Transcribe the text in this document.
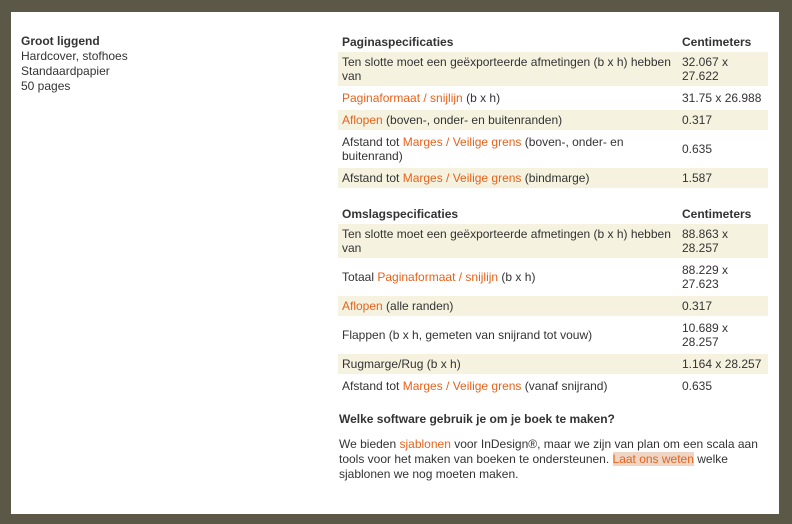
Groot liggend
Hardcover, stofhoes
Standaardpapier
50 pages
Paginaspecificaties	Centimeters
Ten slotte moet een geëxporteerde afmetingen (b x h) hebben van	32.067 x 27.622

Paginaformaat / snijlijn (b x h)	31.75 x 26.988

Aflopen (boven-, onder- en buitenranden)	0.317

Afstand tot Marges / Veilige grens (boven-, onder- en buitenrand)	0.635

Afstand tot Marges / Veilige grens (bindmarge)	1.587
Omslagspecificaties	Centimeters
Ten slotte moet een geëxporteerde afmetingen (b x h) hebben van	88.863 x 28.257

Totaal Paginaformaat / snijlijn (b x h)	88.229 x 27.623

Aflopen (alle randen)	0.317

Flappen (b x h, gemeten van snijrand tot vouw)	10.689 x 28.257

Rugmarge/Rug (b x h)	1.164 x 28.257

Afstand tot Marges / Veilige grens (vanaf snijrand)	0.635
Welke software gebruik je om je boek te maken?
We bieden sjablonen voor InDesign®, maar we zijn van plan om een scala aan tools voor het maken van boeken te ondersteunen. Laat ons weten welke sjablonen we nog moeten maken.
